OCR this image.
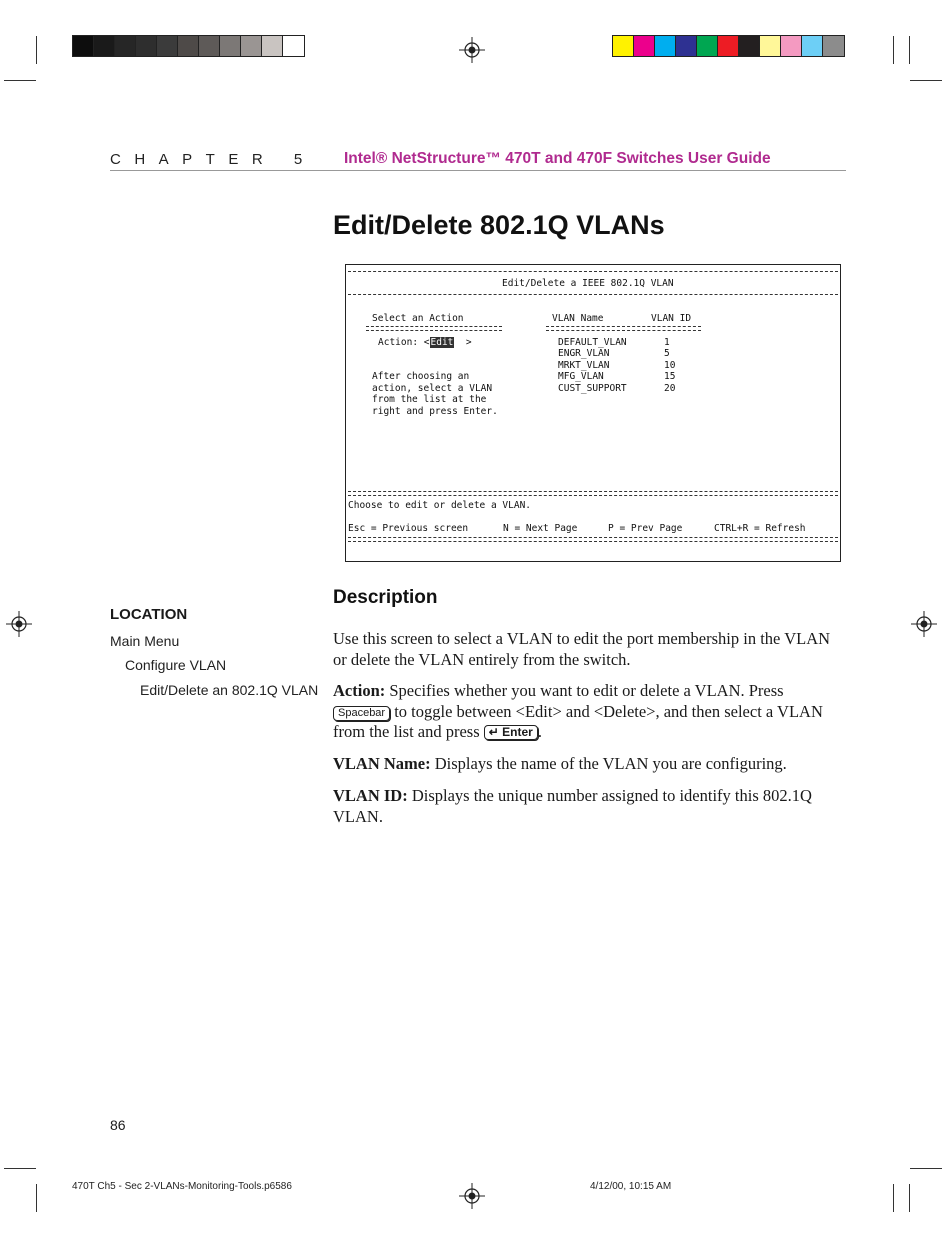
CHAPTER 5 Intel® NetStructure™ 470T and 470F Switches User Guide
Edit/Delete 802.1Q VLANs
Edit/Delete a IEEE 802.1Q VLAN
Select an Action
Action: <Edit  >
After choosing an
action, select a VLAN
from the list at the
right and press Enter.
VLAN Name	VLAN ID
DEFAULT_VLAN	1
ENGR_VLAN	5
MRKT_VLAN	10
MFG_VLAN	15
CUST_SUPPORT	20
Choose to edit or delete a VLAN.
Esc = Previous screen	N = Next Page	P = Prev Page	CTRL+R = Refresh
LOCATION
Main Menu
Configure VLAN
Edit/Delete an 802.1Q VLAN
Description
Use this screen to select a VLAN to edit the port membership in the VLAN or delete the VLAN entirely from the switch.
Action: Specifies whether you want to edit or delete a VLAN. Press Spacebar to toggle between <Edit> and <Delete>, and then select a VLAN from the list and press ↵ Enter .
VLAN Name: Displays the name of the VLAN you are configuring.
VLAN ID: Displays the unique number assigned to identify this 802.1Q VLAN.
86
470T Ch5 - Sec 2-VLANs-Monitoring-Tools.p6586	4/12/00, 10:15 AM
